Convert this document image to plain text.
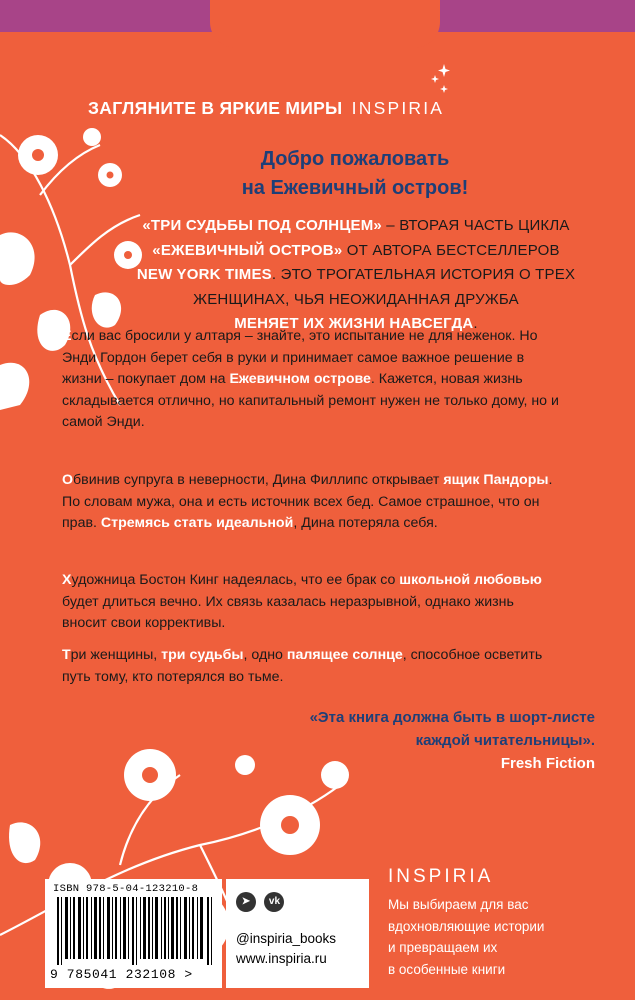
ЗАГЛЯНИТЕ В ЯРКИЕ МИРЫ INSPIRIA
Добро пожаловать
на Ежевичный остров!
«ТРИ СУДЬБЫ ПОД СОЛНЦЕМ» – ВТОРАЯ ЧАСТЬ ЦИКЛА
«ЕЖЕВИЧНЫЙ ОСТРОВ» ОТ АВТОРА БЕСТСЕЛЛЕРОВ
NEW YORK TIMES. ЭТО ТРОГАТЕЛЬНАЯ ИСТОРИЯ О ТРЕХ ЖЕНЩИНАХ, ЧЬЯ НЕОЖИДАННАЯ ДРУЖБА
МЕНЯЕТ ИХ ЖИЗНИ НАВСЕГДА.
Если вас бросили у алтаря – знайте, это испытание не для неженок. Но Энди Гордон берет себя в руки и принимает самое важное решение в жизни – покупает дом на Ежевичном острове. Кажется, новая жизнь складывается отлично, но капитальный ремонт нужен не только дому, но и самой Энди.
Обвинив супруга в неверности, Дина Филлипс открывает ящик Пандоры. По словам мужа, она и есть источник всех бед. Самое страшное, что он прав. Стремясь стать идеальной, Дина потеряла себя.
Художница Бостон Кинг надеялась, что ее брак со школьной любовью будет длиться вечно. Их связь казалась неразрывной, однако жизнь вносит свои коррективы.
Три женщины, три судьбы, одно палящее солнце, способное осветить путь тому, кто потерялся во тьме.
«Эта книга должна быть в шорт-листе
каждой читательницы».
Fresh Fiction
ISBN 978-5-04-123210-8
9 785041 232108 >
➤ vk
@inspiria_books
www.inspiria.ru
INSPIRIA
Мы выбираем для вас
вдохновляющие истории
и превращаем их
в особенные книги
